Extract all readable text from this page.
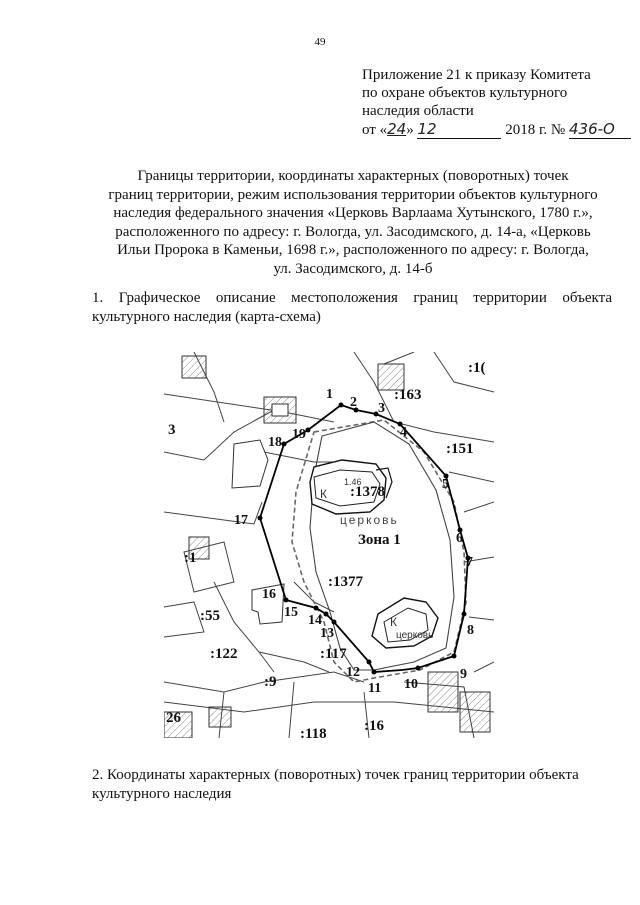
49
Приложение 21 к приказу Комитета
по охране объектов культурного
наследия области
от «24» 12	2018 г. № 436-О
Границы территории, координаты характерных (поворотных) точек
границ территории, режим использования территории объектов культурного
наследия федерального значения «Церковь Варлаама Хутынского, 1780 г.»,
расположенного по адресу: г. Вологда, ул. Засодимского, д. 14-а, «Церковь
Ильи Пророка в Каменьи, 1698 г.», расположенного по адресу: г. Вологда,
ул. Засодимского, д. 14-б
1. Графическое описание местоположения границ территории объекта культурного наследия (карта-схема)
К
1.46
церковь
К
церковь
Зона 1
:1378
:1377
:163
:151
:1
:55
:122	:117
:9
:118 :16
:1(
3
26
1
2 3
4
5
6
7
8
9
10
11
12
13
14
15
16
17
18
19
2. Координаты характерных (поворотных) точек границ территории объекта культурного наследия
